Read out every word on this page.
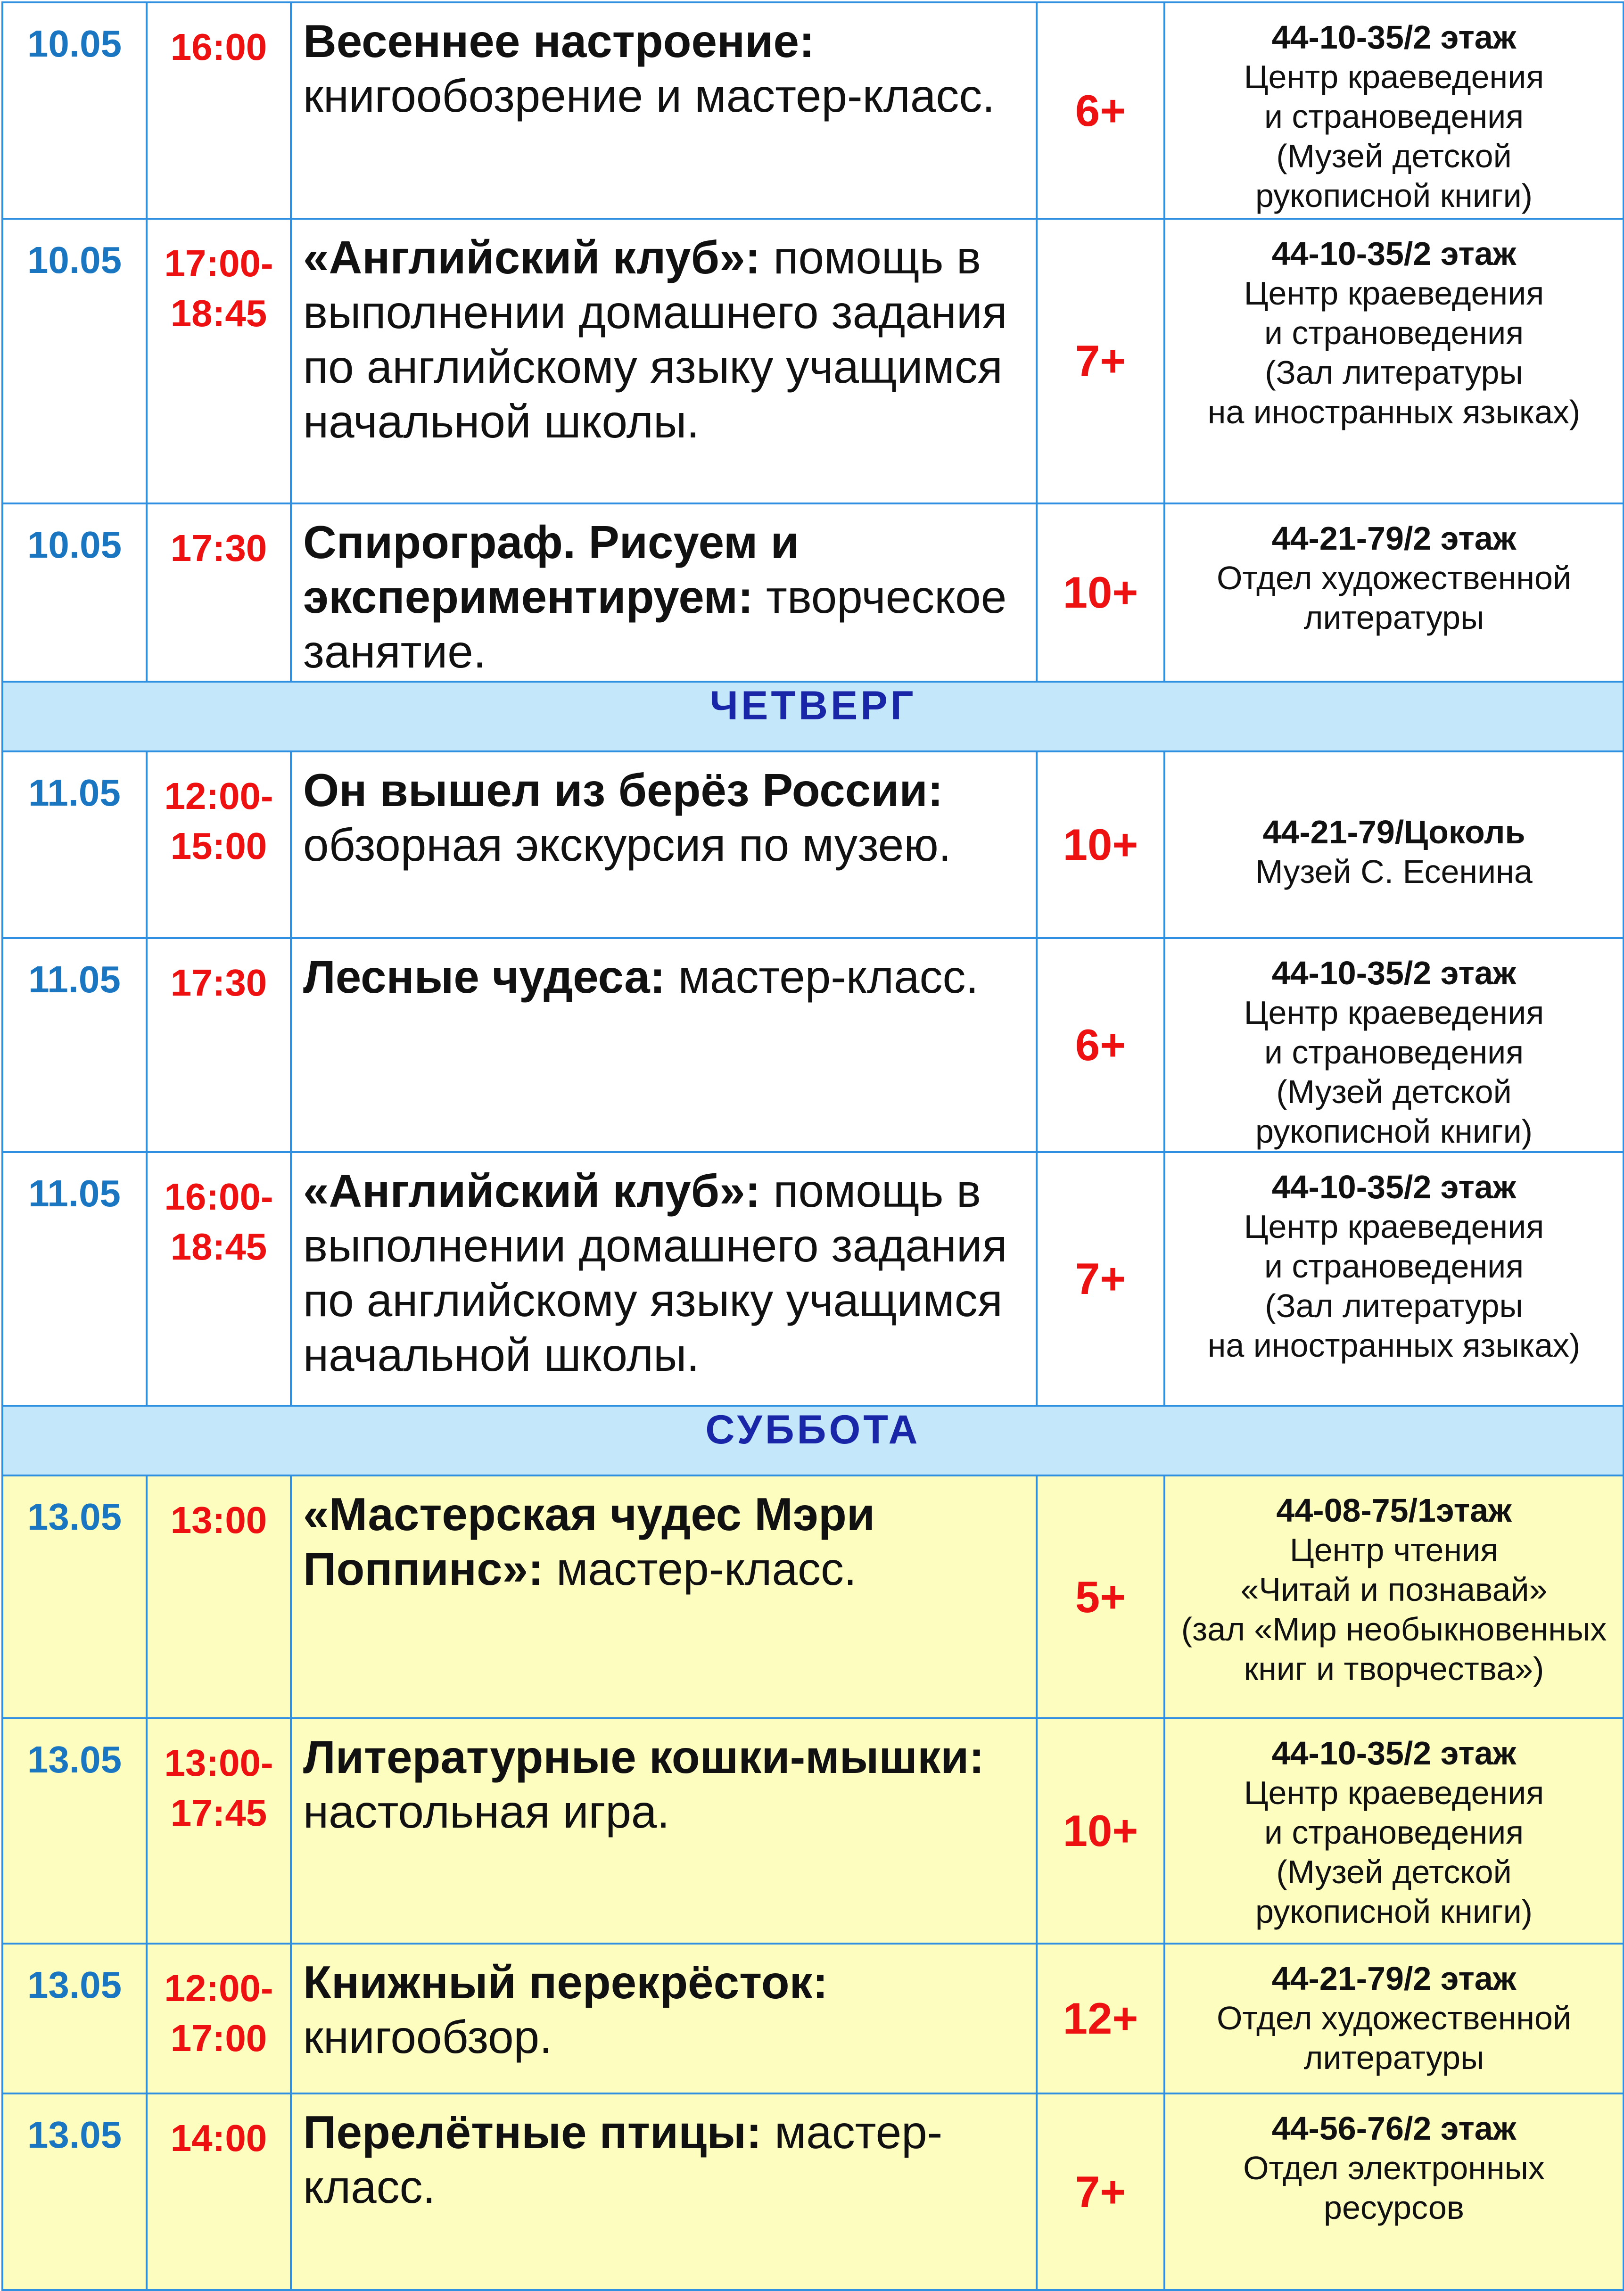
10.05	16:00	Весеннее настроение: книгообозрение и мастер-класс.	6+	44-10-35/2 этаж
Центр краеведения
и страноведения
(Музей детской
рукописной книги)

10.05	17:00-18:45	«Английский клуб»: помощь в выполнении домашнего задания по английскому языку учащимся начальной школы.	7+	44-10-35/2 этаж
Центр краеведения
и страноведения
(Зал литературы
на иностранных языках)

10.05	17:30	Спирограф. Рисуем и экспериментируем: творческое занятие.	10+	44-21-79/2 этаж
Отдел художественной
литературы

ЧЕТВЕРГ				
11.05	12:00-15:00	Он вышел из берёз России: обзорная экскурсия по музею.	10+	44-21-79/Цоколь
Музей С. Есенина

11.05	17:30	Лесные чудеса: мастер-класс.	6+	44-10-35/2 этаж
Центр краеведения
и страноведения
(Музей детской
рукописной книги)

11.05	16:00-18:45	«Английский клуб»: помощь в выполнении домашнего задания по английскому языку учащимся начальной школы.	7+	44-10-35/2 этаж
Центр краеведения
и страноведения
(Зал литературы
на иностранных языках)

СУББОТА				
13.05	13:00	«Мастерская чудес Мэри Поппинс»: мастер-класс.	5+	44-08-75/1этаж
Центр чтения
«Читай и познавай»
(зал «Мир необыкновенных книг и творчества»)

13.05	13:00-17:45	Литературные кошки-мышки: настольная игра.	10+	44-10-35/2 этаж
Центр краеведения
и страноведения
(Музей детской
рукописной книги)

13.05	12:00-17:00	Книжный перекрёсток: книгообзор.	12+	44-21-79/2 этаж
Отдел художественной
литературы

13.05	14:00	Перелётные птицы: мастер-класс.	7+	44-56-76/2 этаж
Отдел электронных
ресурсов
